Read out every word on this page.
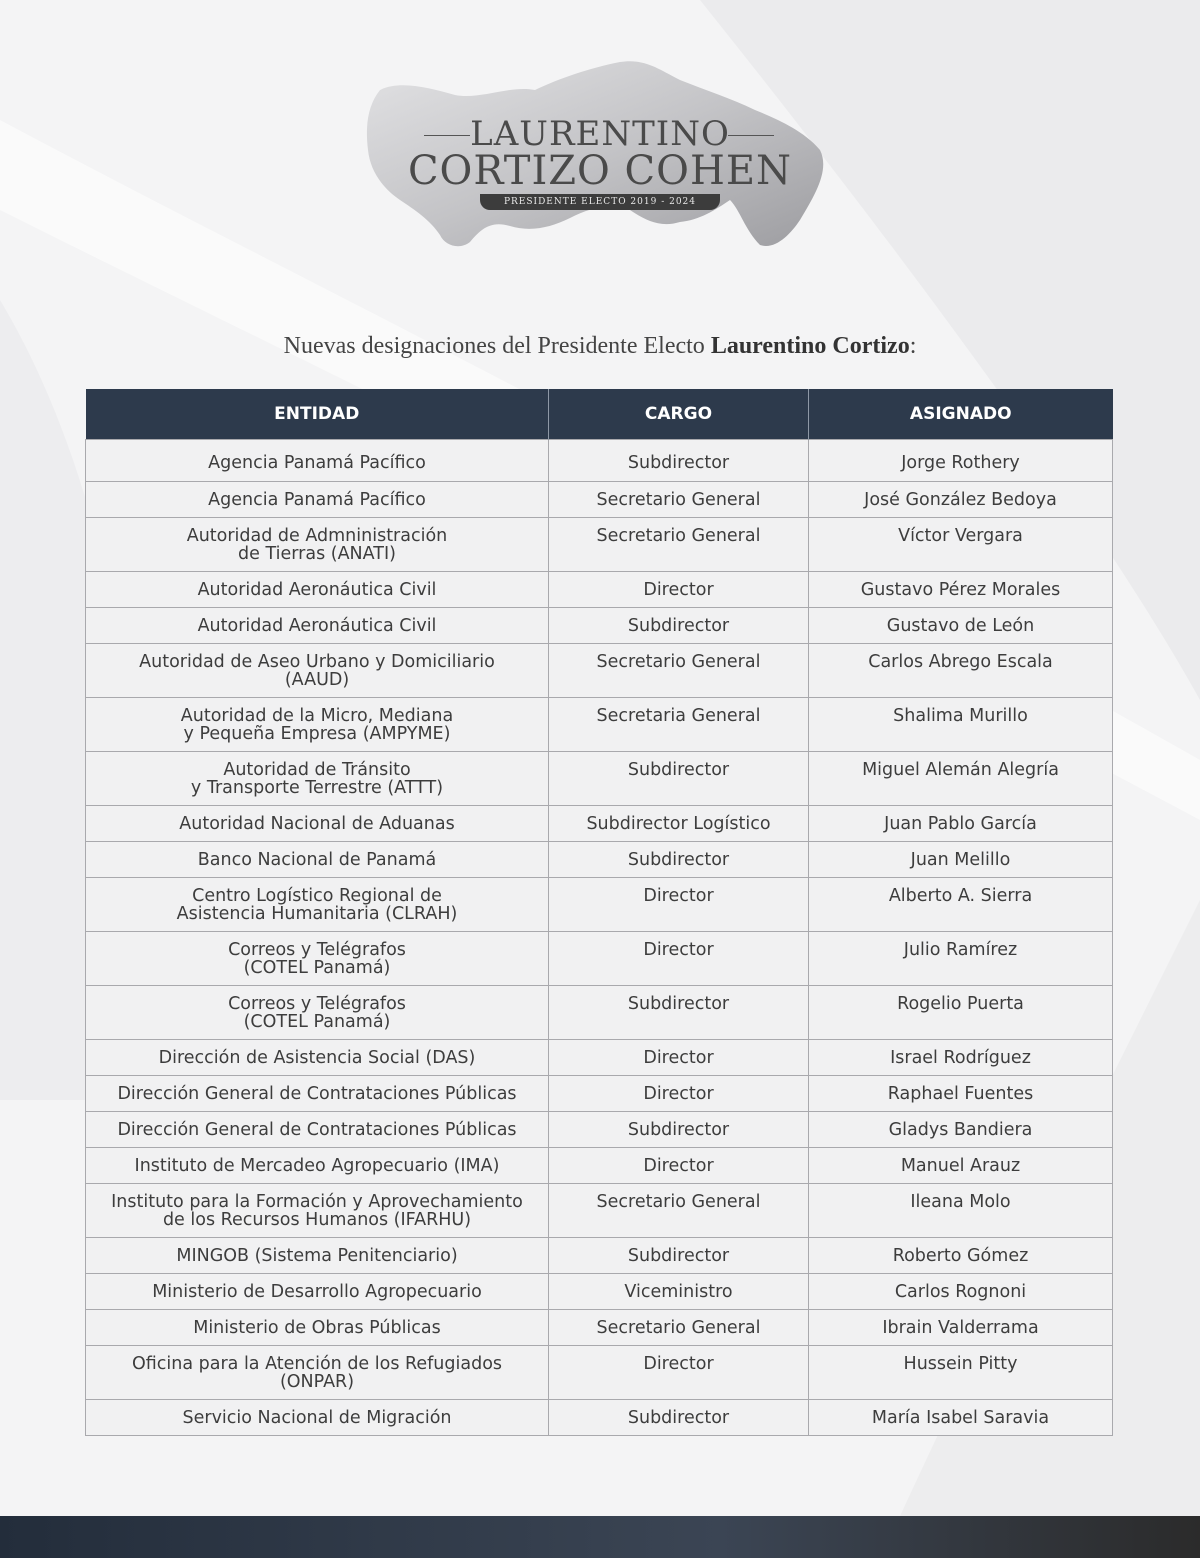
LAURENTINO
CORTIZO COHEN
PRESIDENTE ELECTO 2019 - 2024
Nuevas designaciones del Presidente Electo Laurentino Cortizo:
ENTIDAD	CARGO	ASIGNADO
Agencia Panamá Pacífico	Subdirector	Jorge Rothery
Agencia Panamá Pacífico	Secretario General	José González Bedoya
Autoridad de Admninistración
de Tierras (ANATI)	Secretario General	Víctor Vergara
Autoridad Aeronáutica Civil	Director	Gustavo Pérez Morales
Autoridad Aeronáutica Civil	Subdirector	Gustavo de León
Autoridad de Aseo Urbano y Domiciliario
(AAUD)	Secretario General	Carlos Abrego Escala
Autoridad de la Micro, Mediana
y Pequeña Empresa (AMPYME)	Secretaria General	Shalima Murillo
Autoridad de Tránsito
y Transporte Terrestre (ATTT)	Subdirector	Miguel Alemán Alegría
Autoridad Nacional de Aduanas	Subdirector Logístico	Juan Pablo García
Banco Nacional de Panamá	Subdirector	Juan Melillo
Centro Logístico Regional de
Asistencia Humanitaria (CLRAH)	Director	Alberto A. Sierra
Correos y Telégrafos
(COTEL Panamá)	Director	Julio Ramírez
Correos y Telégrafos
(COTEL Panamá)	Subdirector	Rogelio Puerta
Dirección de Asistencia Social (DAS)	Director	Israel Rodríguez
Dirección General de Contrataciones Públicas	Director	Raphael Fuentes
Dirección General de Contrataciones Públicas	Subdirector	Gladys Bandiera
Instituto de Mercadeo Agropecuario (IMA)	Director	Manuel Arauz
Instituto para la Formación y Aprovechamiento
de los Recursos Humanos (IFARHU)	Secretario General	Ileana Molo
MINGOB (Sistema Penitenciario)	Subdirector	Roberto Gómez
Ministerio de Desarrollo Agropecuario	Viceministro	Carlos Rognoni
Ministerio de Obras Públicas	Secretario General	Ibrain Valderrama
Oficina para la Atención de los Refugiados
(ONPAR)	Director	Hussein Pitty
Servicio Nacional de Migración	Subdirector	María Isabel Saravia
